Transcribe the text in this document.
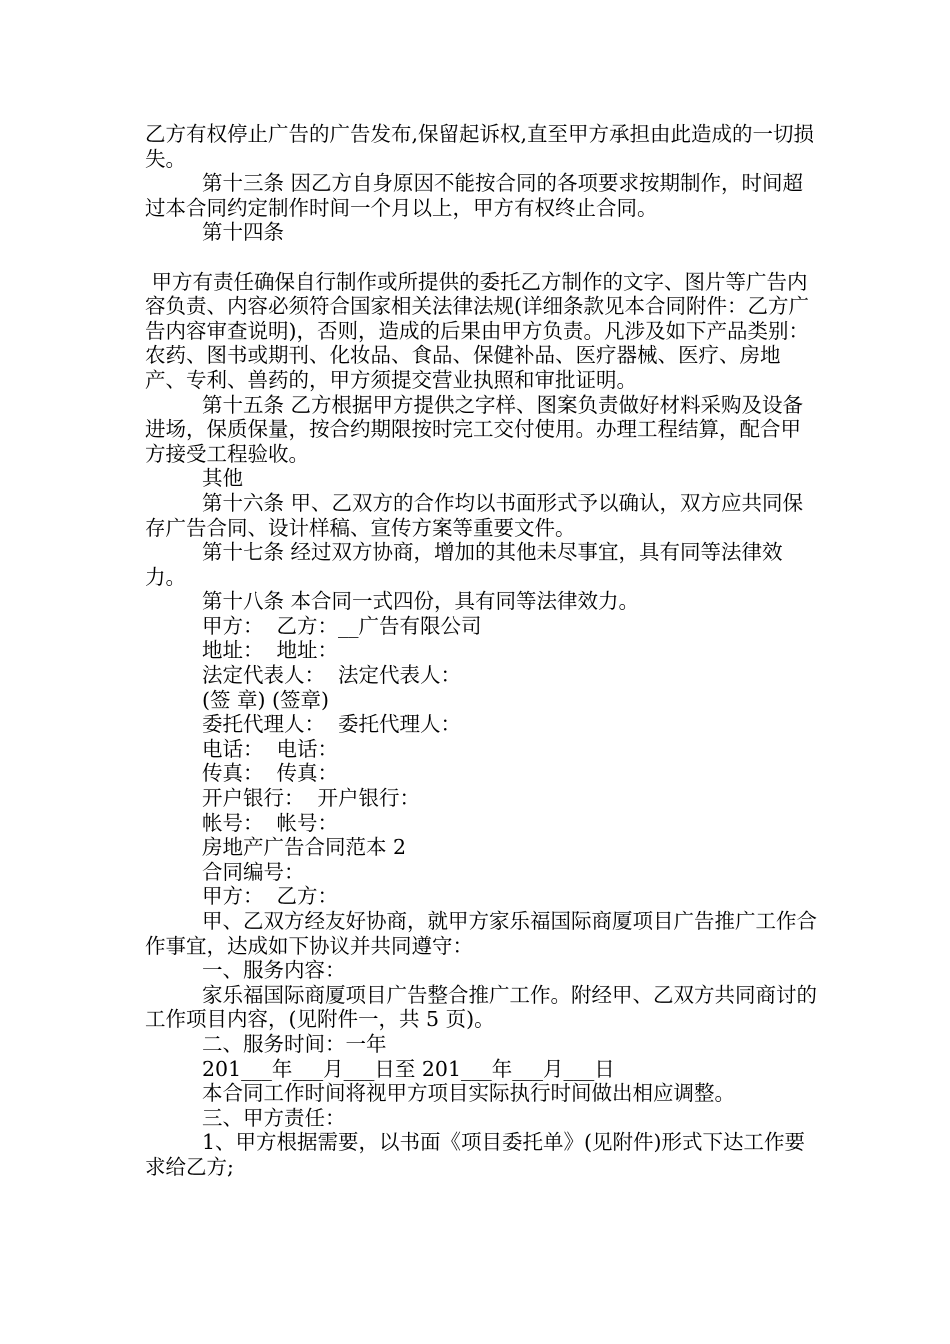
乙方有权停止广告的广告发布,保留起诉权,直至甲方承担由此造成的一切损失。

第十三条 因乙方自身原因不能按合同的各项要求按期制作，时间超过本合同约定制作时间一个月以上，甲方有权终止合同。

第十四条

甲方有责任确保自行制作或所提供的委托乙方制作的文字、图片等广告内容负责、内容必须符合国家相关法律法规(详细条款见本合同附件：乙方广告内容审查说明)，否则，造成的后果由甲方负责。凡涉及如下产品类别：农药、图书或期刊、化妆品、食品、保健补品、医疗器械、医疗、房地产、专利、兽药的，甲方须提交营业执照和审批证明。

第十五条 乙方根据甲方提供之字样、图案负责做好材料采购及设备进场，保质保量，按合约期限按时完工交付使用。办理工程结算，配合甲方接受工程验收。

其他

第十六条 甲、乙双方的合作均以书面形式予以确认，双方应共同保存广告合同、设计样稿、宣传方案等重要文件。

第十七条 经过双方协商，增加的其他未尽事宜，具有同等法律效力。

第十八条 本合同一式四份，具有同等法律效力。

甲方：  乙方：__广告有限公司

地址：  地址：

法定代表人：  法定代表人：

(签 章) (签章)

委托代理人：  委托代理人：

电话：  电话：

传真：  传真：

开户银行：  开户银行：

帐号：  帐号：

房地产广告合同范本 2

合同编号：

甲方：  乙方：

甲、乙双方经友好协商，就甲方家乐福国际商厦项目广告推广工作合作事宜，达成如下协议并共同遵守：

一、服务内容：

家乐福国际商厦项目广告整合推广工作。附经甲、乙双方共同商讨的工作项目内容，(见附件一，共 5 页)。

二、服务时间：一年

201___年___月___日至 201___年___月___日

本合同工作时间将视甲方项目实际执行时间做出相应调整。

三、甲方责任：

1、甲方根据需要，以书面《项目委托单》(见附件)形式下达工作要求给乙方;
